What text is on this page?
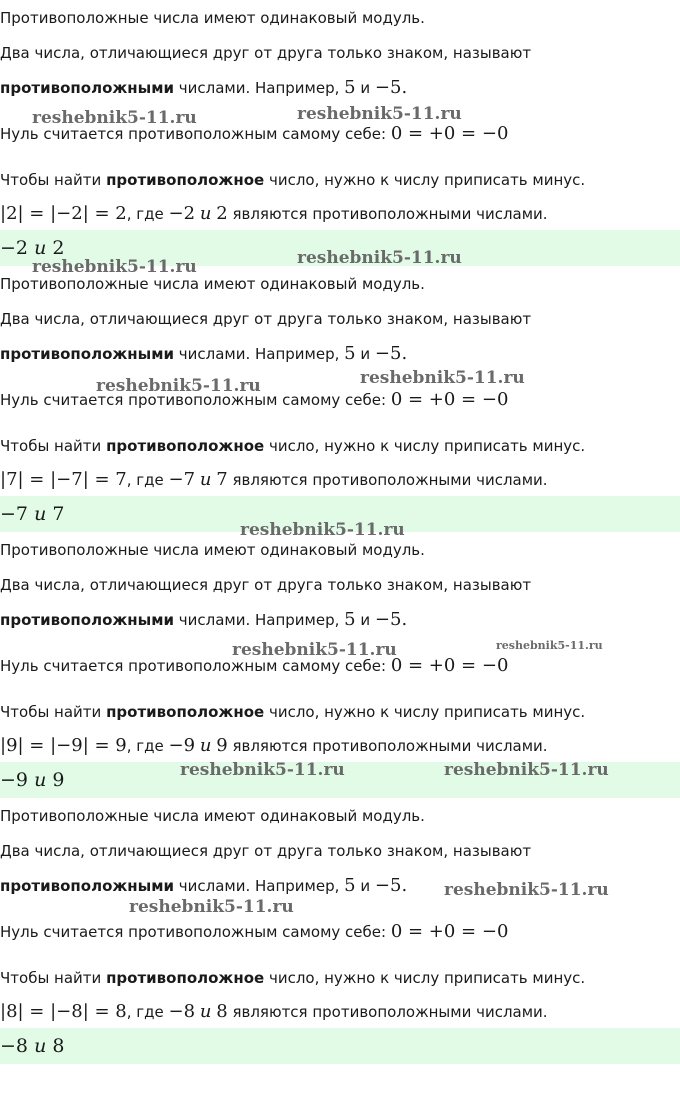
Противоположные числа имеют одинаковый модуль.
Два числа, отличающиеся друг от друга только знаком, называют
противоположными числами. Например, 5 и −5.
Нуль считается противоположным самому себе: 0 = +0 = −0
Чтобы найти противоположное число, нужно к числу приписать минус.
|2| = |−2| = 2, где −2 и 2 являются противоположными числами.
−2 и 2
Противоположные числа имеют одинаковый модуль.
Два числа, отличающиеся друг от друга только знаком, называют
противоположными числами. Например, 5 и −5.
Нуль считается противоположным самому себе: 0 = +0 = −0
Чтобы найти противоположное число, нужно к числу приписать минус.
|7| = |−7| = 7, где −7 и 7 являются противоположными числами.
−7 и 7
Противоположные числа имеют одинаковый модуль.
Два числа, отличающиеся друг от друга только знаком, называют
противоположными числами. Например, 5 и −5.
Нуль считается противоположным самому себе: 0 = +0 = −0
Чтобы найти противоположное число, нужно к числу приписать минус.
|9| = |−9| = 9, где −9 и 9 являются противоположными числами.
−9 и 9
Противоположные числа имеют одинаковый модуль.
Два числа, отличающиеся друг от друга только знаком, называют
противоположными числами. Например, 5 и −5.
Нуль считается противоположным самому себе: 0 = +0 = −0
Чтобы найти противоположное число, нужно к числу приписать минус.
|8| = |−8| = 8, где −8 и 8 являются противоположными числами.
−8 и 8
reshebnik5-11.ru	reshebnik5-11.ru
reshebnik5-11.ru	reshebnik5-11.ru
reshebnik5-11.ru	reshebnik5-11.ru
reshebnik5-11.ru
reshebnik5-11.ru	reshebnik5-11.ru
reshebnik5-11.ru	reshebnik5-11.ru
reshebnik5-11.ru
reshebnik5-11.ru
